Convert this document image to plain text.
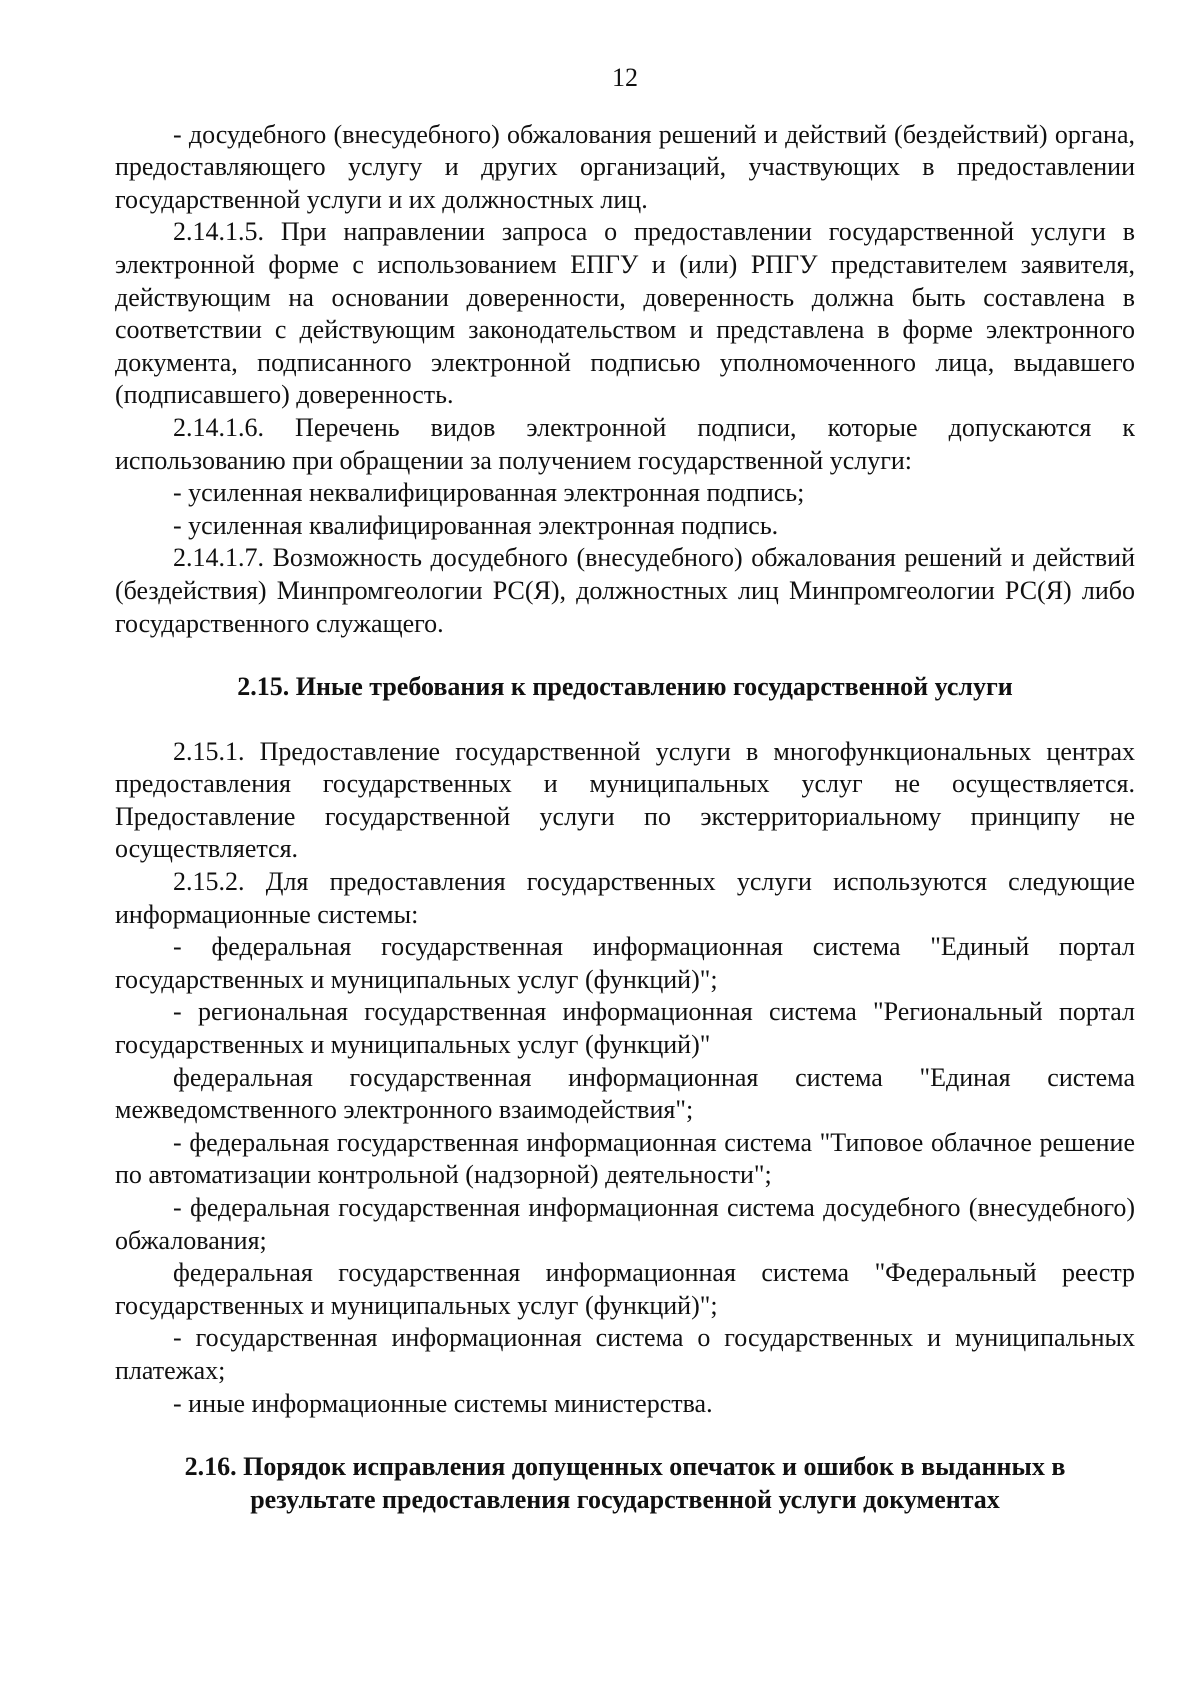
12

- досудебного (внесудебного) обжалования решений и действий (бездействий) органа, предоставляющего услугу и других организаций, участвующих в предоставлении государственной услуги и их должностных лиц.

2.14.1.5. При направлении запроса о предоставлении государственной услуги в электронной форме с использованием ЕПГУ и (или) РПГУ представителем заявителя, действующим на основании доверенности, доверенность должна быть составлена в соответствии с действующим законодательством и представлена в форме электронного документа, подписанного электронной подписью уполномоченного лица, выдавшего (подписавшего) доверенность.

2.14.1.6. Перечень видов электронной подписи, которые допускаются к использованию при обращении за получением государственной услуги:

- усиленная неквалифицированная электронная подпись;

- усиленная квалифицированная электронная подпись.

2.14.1.7. Возможность досудебного (внесудебного) обжалования решений и действий (бездействия) Минпромгеологии РС(Я), должностных лиц Минпромгеологии РС(Я) либо государственного служащего.

2.15. Иные требования к предоставлению государственной услуги

2.15.1. Предоставление государственной услуги в многофункциональных центрах предоставления государственных и муниципальных услуг не осуществляется. Предоставление государственной услуги по экстерриториальному принципу не осуществляется.

2.15.2. Для предоставления государственных услуги используются следующие информационные системы:

- федеральная государственная информационная система "Единый портал государственных и муниципальных услуг (функций)";

- региональная государственная информационная система "Региональный портал государственных и муниципальных услуг (функций)"

федеральная государственная информационная система "Единая система межведомственного электронного взаимодействия";

- федеральная государственная информационная система "Типовое облачное решение по автоматизации контрольной (надзорной) деятельности";

- федеральная государственная информационная система досудебного (внесудебного) обжалования;

федеральная государственная информационная система "Федеральный реестр государственных и муниципальных услуг (функций)";

- государственная информационная система о государственных и муниципальных платежах;

- иные информационные системы министерства.

2.16. Порядок исправления допущенных опечаток и ошибок в выданных в результате предоставления государственной услуги документах
